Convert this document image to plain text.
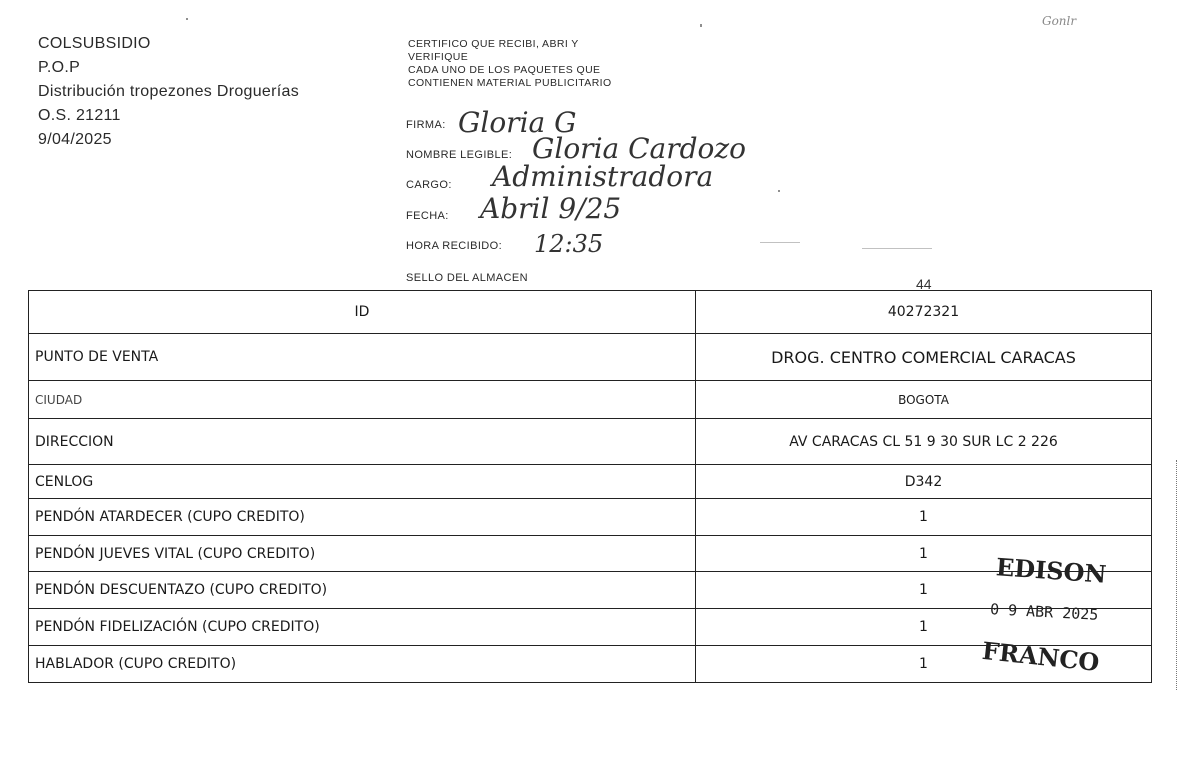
Gonlr
COLSUBSIDIO
P.O.P
Distribución tropezones Droguerías
O.S. 21211
9/04/2025
CERTIFICO QUE RECIBI, ABRI Y
VERIFIQUE
CADA UNO DE LOS PAQUETES QUE
CONTIENEN MATERIAL PUBLICITARIO
FIRMA: Gloria G
NOMBRE LEGIBLE: Gloria Cardozo
CARGO: Administradora
FECHA: Abril 9/25
HORA RECIBIDO: 12:35
SELLO DEL ALMACEN	44
ID	40272321
PUNTO DE VENTA	DROG. CENTRO COMERCIAL CARACAS
CIUDAD	BOGOTA
DIRECCION	AV CARACAS CL 51 9 30 SUR LC 2 226
CENLOG	D342
PENDÓN ATARDECER (CUPO CREDITO)	1
PENDÓN JUEVES VITAL (CUPO CREDITO)	1
PENDÓN DESCUENTAZO (CUPO CREDITO)	1
PENDÓN FIDELIZACIÓN (CUPO CREDITO)	1
HABLADOR (CUPO CREDITO)	1
EDISON
0 9 ABR 2025
FRANCO
